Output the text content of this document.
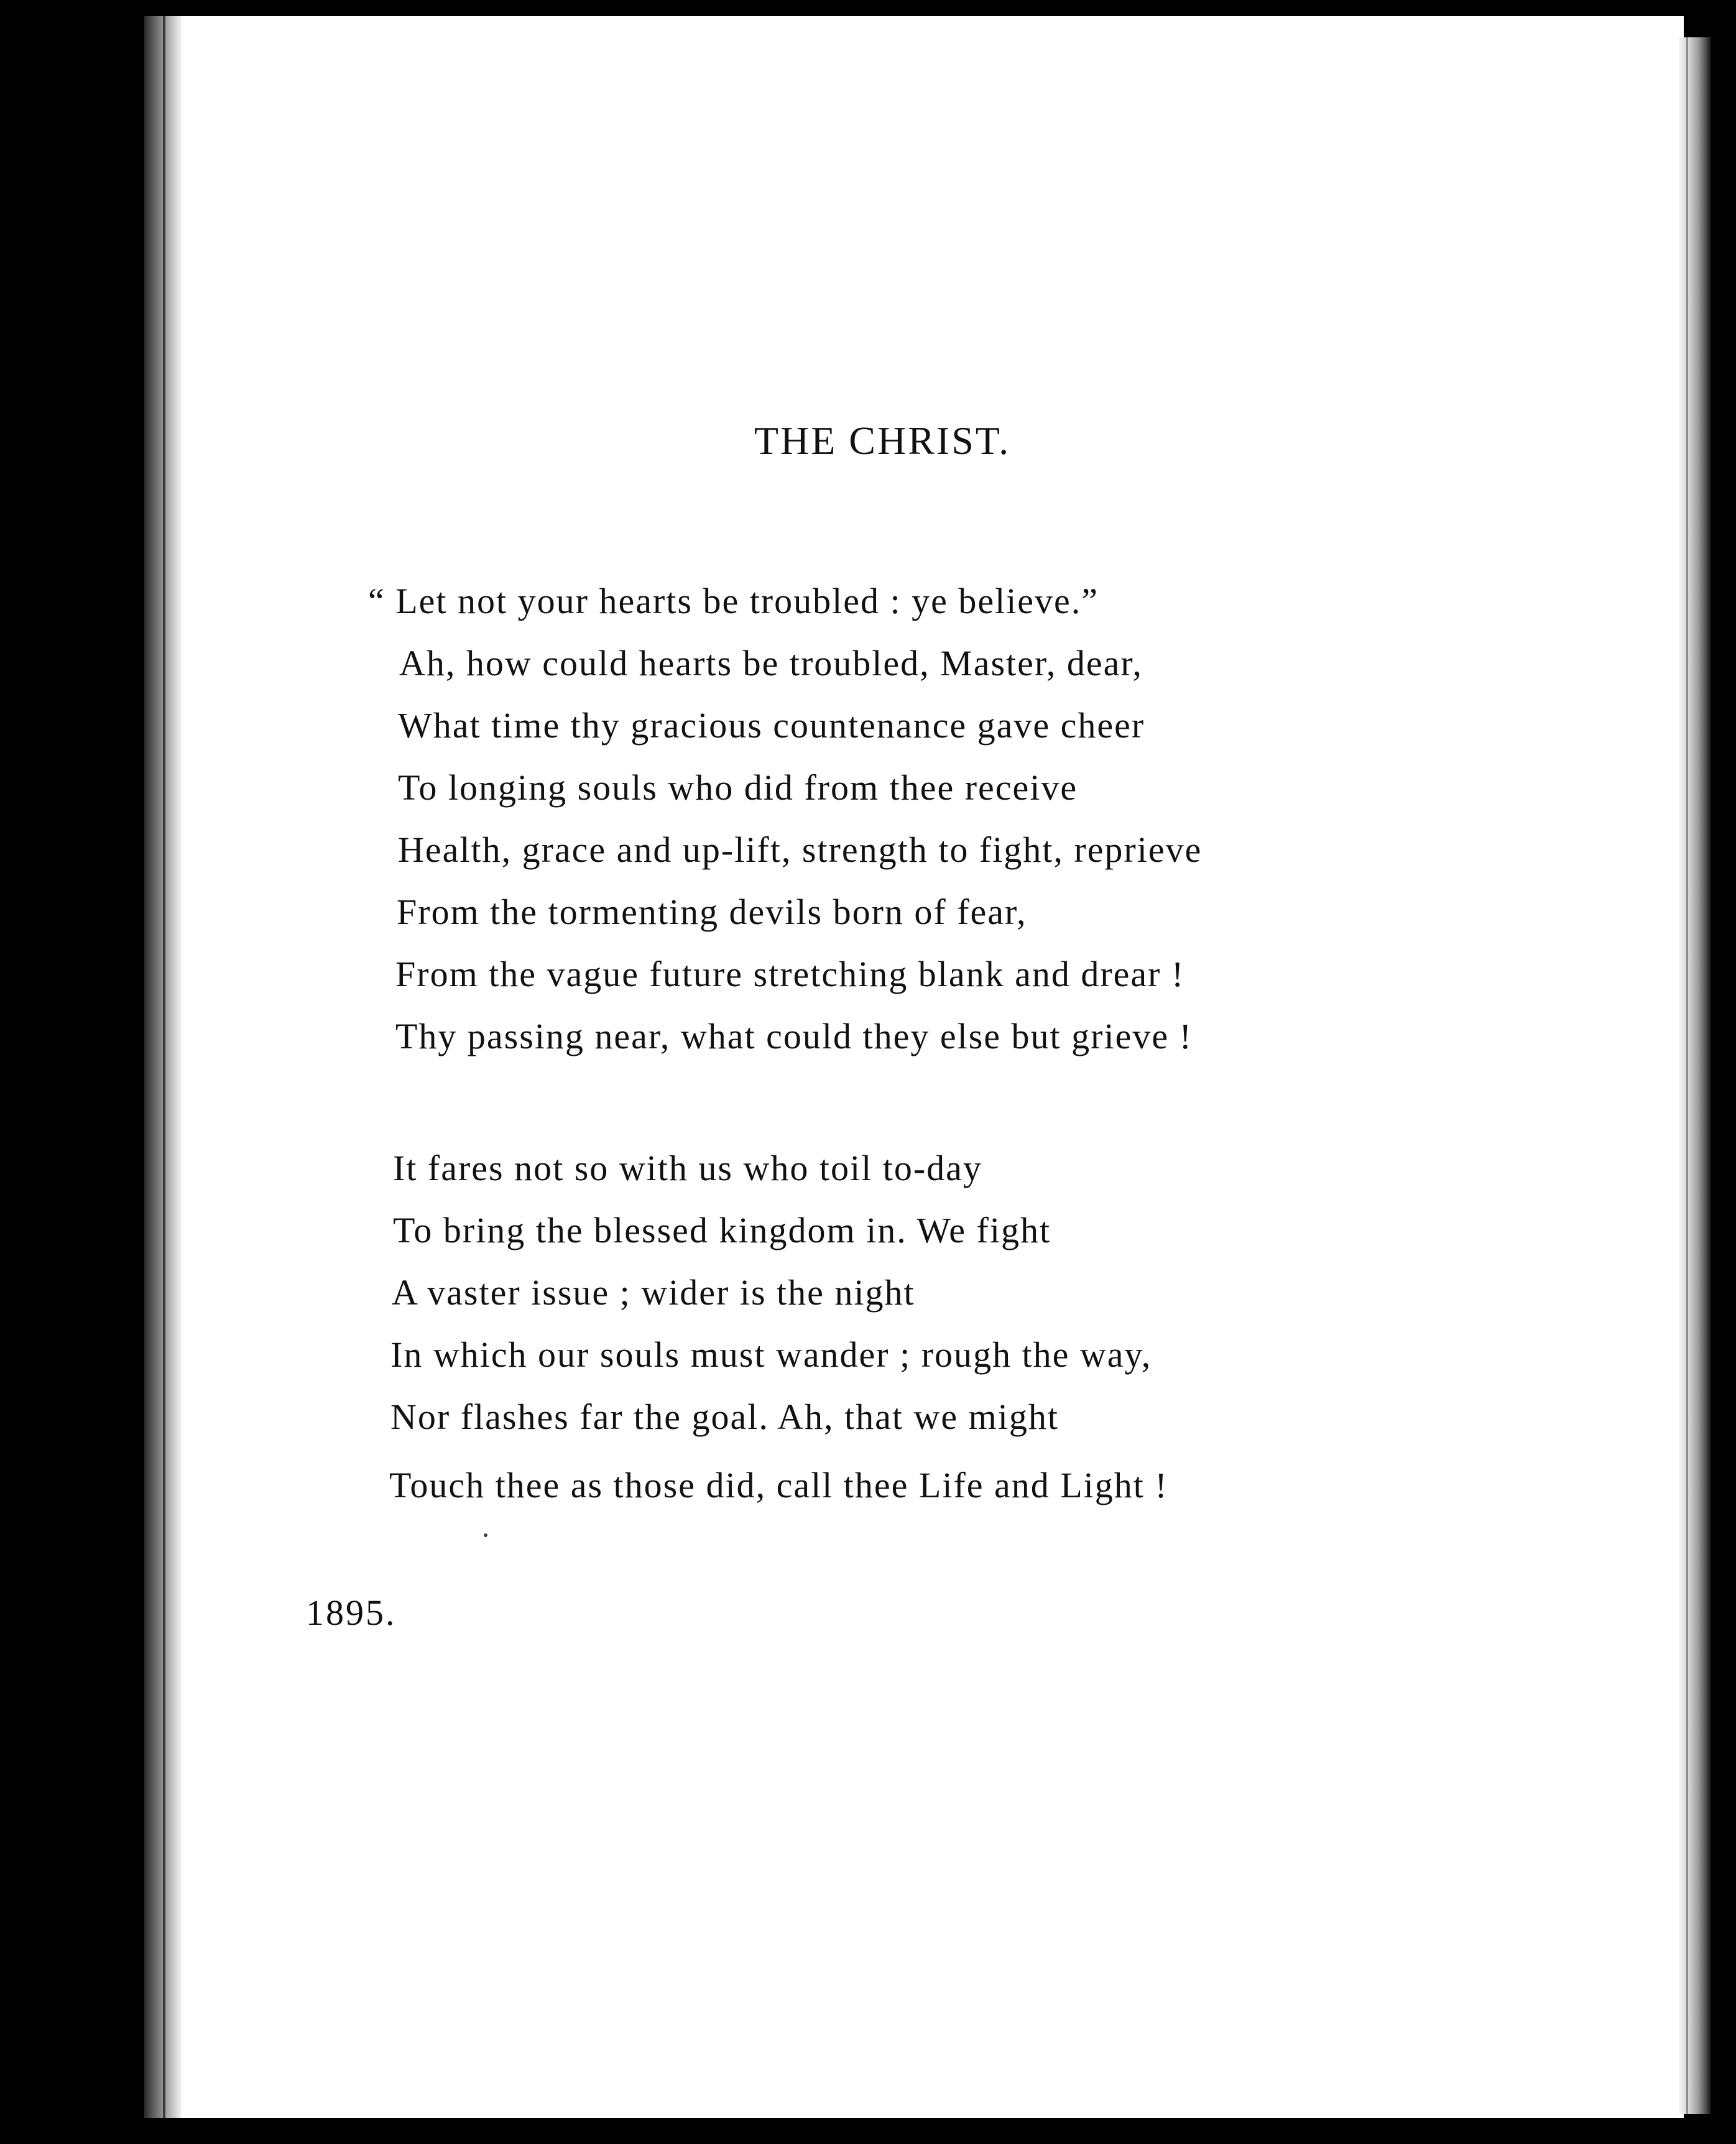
THE CHRIST.
“ Let not your hearts be troubled : ye believe.”
Ah, how could hearts be troubled, Master, dear,
What time thy gracious countenance gave cheer
To longing souls who did from thee receive
Health, grace and up-lift, strength to fight, reprieve
From the tormenting devils born of fear,
From the vague future stretching blank and drear !
Thy passing near, what could they else but grieve !
It fares not so with us who toil to-day
To bring the blessed kingdom in. We fight
A vaster issue ; wider is the night
In which our souls must wander ; rough the way,
Nor flashes far the goal. Ah, that we might
Touch thee as those did, call thee Life and Light !
1895.
